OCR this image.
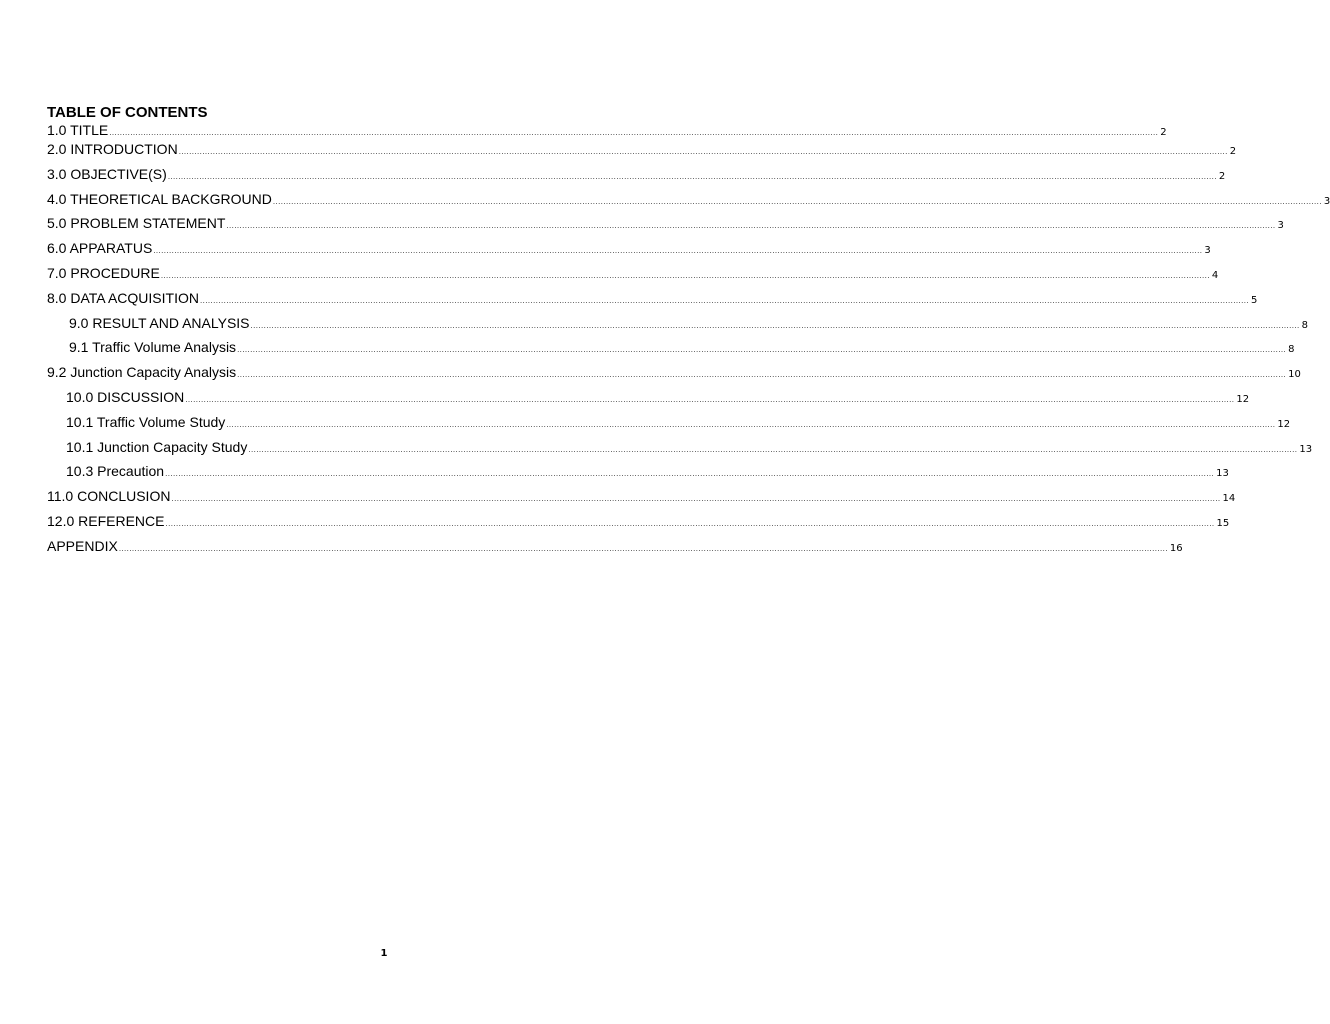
TABLE OF CONTENTS
1.0 TITLE ................................................................................................................................................................................................................................................................................................................................................................................................................ 2
2.0 INTRODUCTION ................................................................................................................................................................................................................................................................................................................................................................................................................ 2
3.0 OBJECTIVE(S) ................................................................................................................................................................................................................................................................................................................................................................................................................ 2
4.0 THEORETICAL BACKGROUND ................................................................................................................................................................................................................................................................................................................................................................................................................ 3
5.0 PROBLEM STATEMENT ................................................................................................................................................................................................................................................................................................................................................................................................................ 3
6.0 APPARATUS ................................................................................................................................................................................................................................................................................................................................................................................................................ 3
7.0 PROCEDURE ................................................................................................................................................................................................................................................................................................................................................................................................................ 4
8.0 DATA ACQUISITION ................................................................................................................................................................................................................................................................................................................................................................................................................ 5
9.0 RESULT AND ANALYSIS ................................................................................................................................................................................................................................................................................................................................................................................................................ 8
9.1 Traffic Volume Analysis ................................................................................................................................................................................................................................................................................................................................................................................................................ 8
9.2 Junction Capacity Analysis ................................................................................................................................................................................................................................................................................................................................................................................................................ 10
10.0 DISCUSSION ................................................................................................................................................................................................................................................................................................................................................................................................................ 12
10.1 Traffic Volume Study ................................................................................................................................................................................................................................................................................................................................................................................................................ 12
10.1 Junction Capacity Study ................................................................................................................................................................................................................................................................................................................................................................................................................ 13
10.3 Precaution ................................................................................................................................................................................................................................................................................................................................................................................................................ 13
11.0 CONCLUSION ................................................................................................................................................................................................................................................................................................................................................................................................................ 14
12.0 REFERENCE ................................................................................................................................................................................................................................................................................................................................................................................................................ 15
APPENDIX ................................................................................................................................................................................................................................................................................................................................................................................................................ 16
1
